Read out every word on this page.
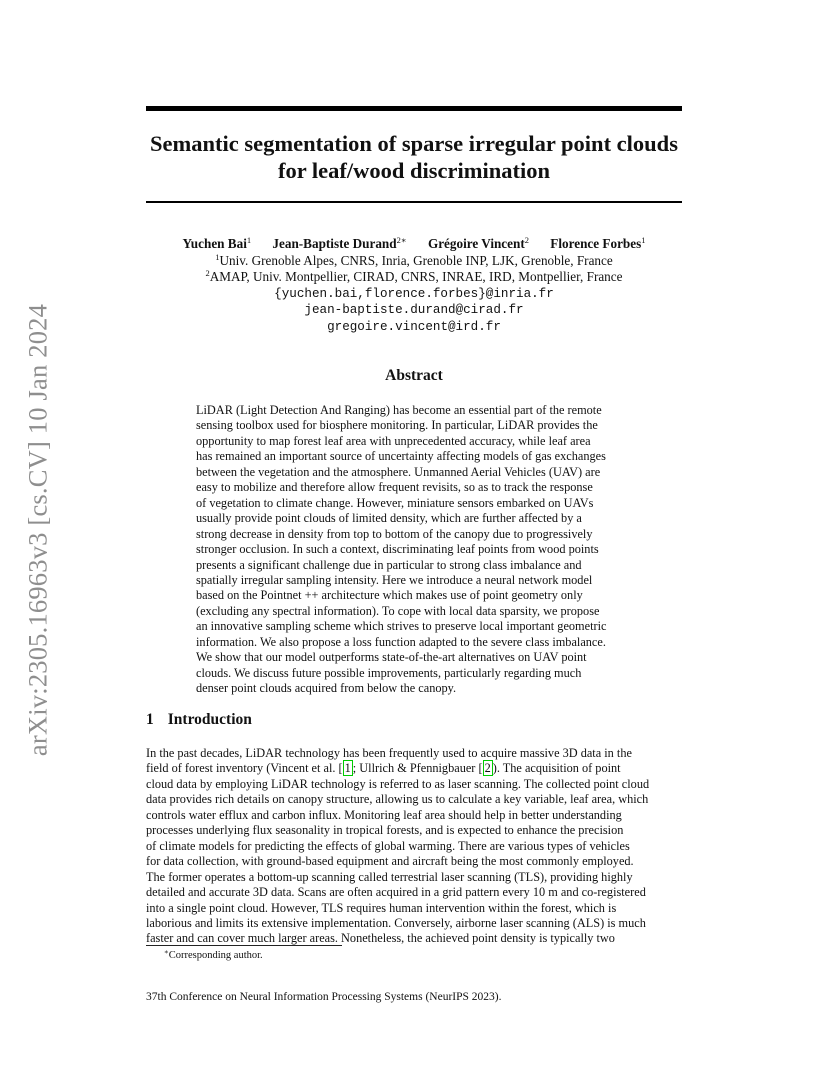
arXiv:2305.16963v3 [cs.CV] 10 Jan 2024
Semantic segmentation of sparse irregular point clouds
for leaf/wood discrimination
Yuchen Bai$^1$ Jean-Baptiste Durand$^{2∗}$ Grégoire Vincent$^2$ Florence Forbes$^1$
$^1$Univ. Grenoble Alpes, CNRS, Inria, Grenoble INP, LJK, Grenoble, France
$^2$AMAP, Univ. Montpellier, CIRAD, CNRS, INRAE, IRD, Montpellier, France
{yuchen.bai,florence.forbes}@inria.fr
jean-baptiste.durand@cirad.fr
gregoire.vincent@ird.fr
Abstract
LiDAR (Light Detection And Ranging) has become an essential part of the remote
sensing toolbox used for biosphere monitoring. In particular, LiDAR provides the
opportunity to map forest leaf area with unprecedented accuracy, while leaf area
has remained an important source of uncertainty affecting models of gas exchanges
between the vegetation and the atmosphere. Unmanned Aerial Vehicles (UAV) are
easy to mobilize and therefore allow frequent revisits, so as to track the response
of vegetation to climate change. However, miniature sensors embarked on UAVs
usually provide point clouds of limited density, which are further affected by a
strong decrease in density from top to bottom of the canopy due to progressively
stronger occlusion. In such a context, discriminating leaf points from wood points
presents a significant challenge due in particular to strong class imbalance and
spatially irregular sampling intensity. Here we introduce a neural network model
based on the Pointnet ++ architecture which makes use of point geometry only
(excluding any spectral information). To cope with local data sparsity, we propose
an innovative sampling scheme which strives to preserve local important geometric
information. We also propose a loss function adapted to the severe class imbalance.
We show that our model outperforms state-of-the-art alternatives on UAV point
clouds. We discuss future possible improvements, particularly regarding much
denser point clouds acquired from below the canopy.
1 Introduction
In the past decades, LiDAR technology has been frequently used to acquire massive 3D data in the
field of forest inventory (Vincent et al. [ 1 ; Ullrich & Pfennigbauer [ 2 ). The acquisition of point
cloud data by employing LiDAR technology is referred to as laser scanning. The collected point cloud
data provides rich details on canopy structure, allowing us to calculate a key variable, leaf area, which
controls water efflux and carbon influx. Monitoring leaf area should help in better understanding
processes underlying flux seasonality in tropical forests, and is expected to enhance the precision
of climate models for predicting the effects of global warming. There are various types of vehicles
for data collection, with ground-based equipment and aircraft being the most commonly employed.
The former operates a bottom-up scanning called terrestrial laser scanning (TLS), providing highly
detailed and accurate 3D data. Scans are often acquired in a grid pattern every 10 m and co-registered
into a single point cloud. However, TLS requires human intervention within the forest, which is
laborious and limits its extensive implementation. Conversely, airborne laser scanning (ALS) is much
faster and can cover much larger areas. Nonetheless, the achieved point density is typically two
∗Corresponding author.
37th Conference on Neural Information Processing Systems (NeurIPS 2023).
